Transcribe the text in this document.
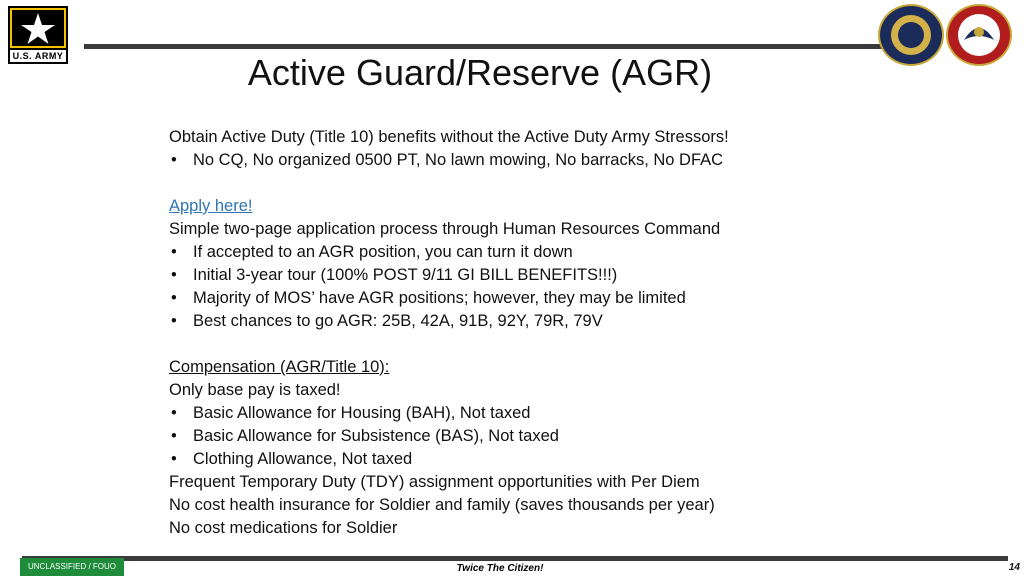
U.S. ARMY	Active Guard/Reserve (AGR)
Obtain Active Duty (Title 10) benefits without the Active Duty Army Stressors!
• No CQ, No organized 0500 PT, No lawn mowing, No barracks, No DFAC
Apply here!
Simple two-page application process through Human Resources Command
• If accepted to an AGR position, you can turn it down
• Initial 3-year tour (100% POST 9/11 GI BILL BENEFITS!!!)
• Majority of MOS’ have AGR positions; however, they may be limited
• Best chances to go AGR: 25B, 42A, 91B, 92Y, 79R, 79V
Compensation (AGR/Title 10):
Only base pay is taxed!
• Basic Allowance for Housing (BAH), Not taxed
• Basic Allowance for Subsistence (BAS), Not taxed
• Clothing Allowance, Not taxed
Frequent Temporary Duty (TDY) assignment opportunities with Per Diem
No cost health insurance for Soldier and family (saves thousands per year)
No cost medications for Soldier
UNCLASSIFIED / FOUO	Twice The Citizen!	14
